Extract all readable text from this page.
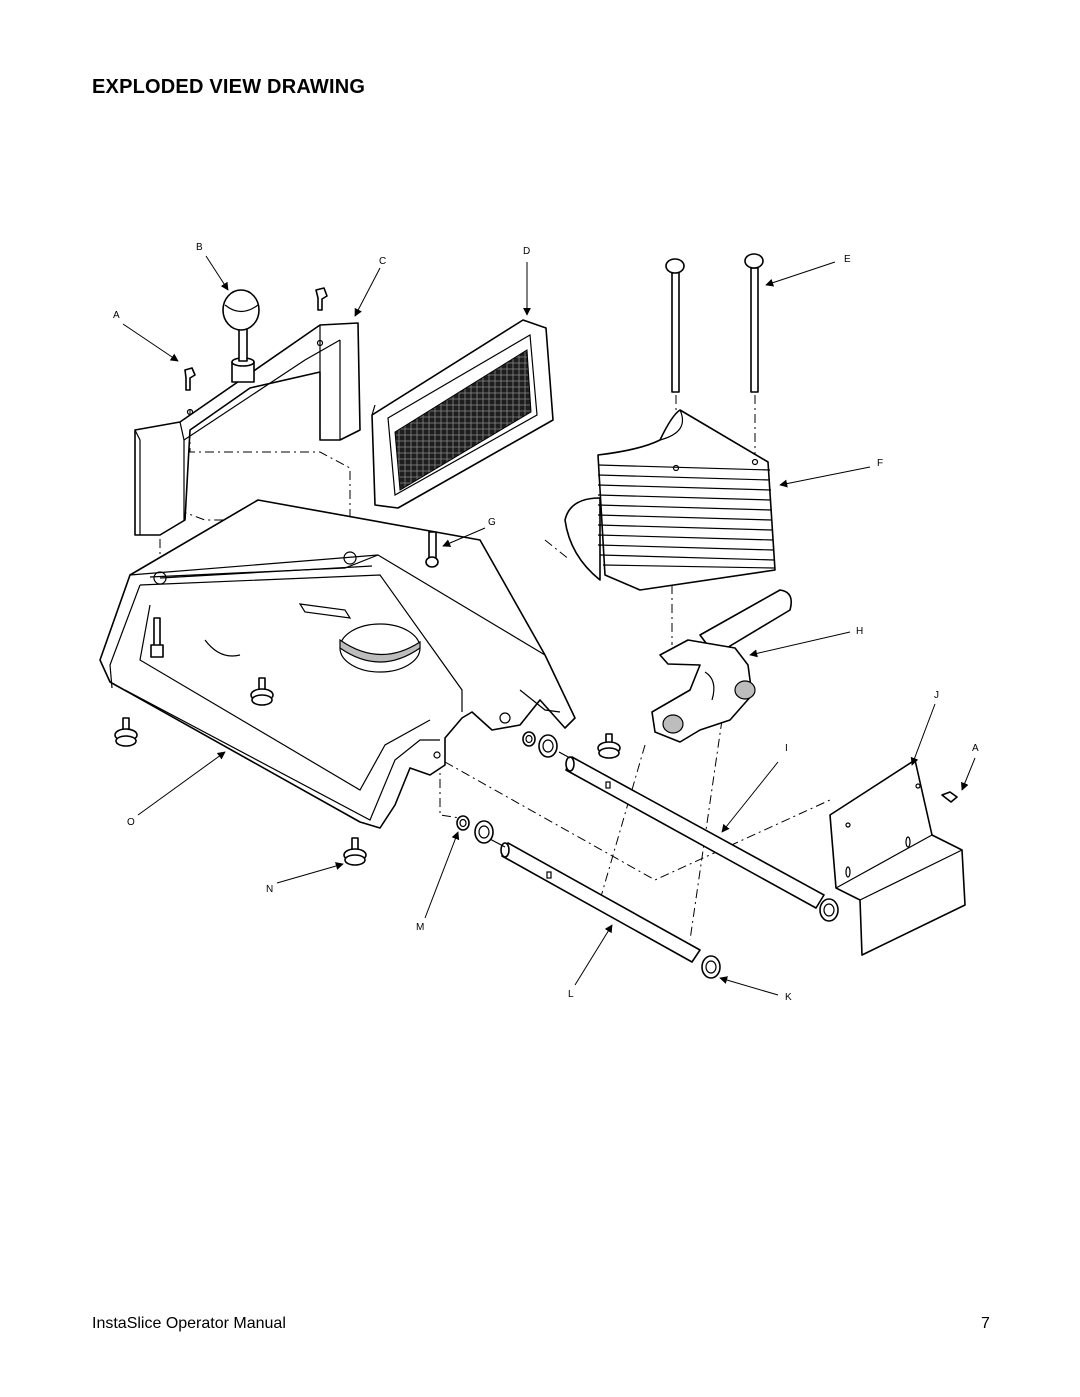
EXPLODED VIEW DRAWING
A
B
C
D
E
F
G
H
I
J
A
K
L
M
N
O
InstaSlice Operator Manual	7
